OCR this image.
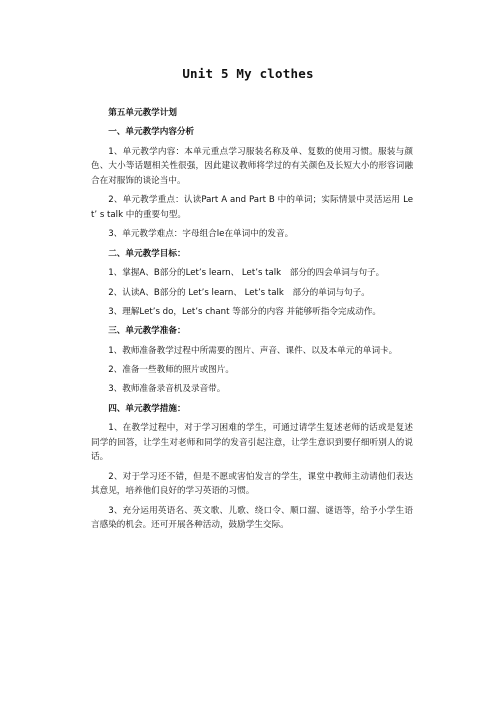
Unit 5 My clothes

第五单元教学计划

一、单元教学内容分析

1、单元教学内容：本单元重点学习服装名称及单、复数的使用习惯。服装与颜色、大小等话题相关性很强，因此建议教师将学过的有关颜色及长短大小的形容词融合在对服饰的谈论当中。

2、单元教学重点：认读Part A and Part B 中的单词；实际情景中灵活运用 Let’ s talk 中的重要句型。

3、单元教学难点：字母组合le在单词中的发音。

二、单元教学目标：

1、掌握A、B部分的Let’s learn、 Let’s talk　部分的四会单词与句子。

2、认读A、B部分的 Let’s learn、 Let’s talk　部分的单词与句子。

3、理解Let’s do，Let’s chant 等部分的内容 并能够听指令完成动作。

三、单元教学准备：

1、教师准备教学过程中所需要的图片、声音、课件、以及本单元的单词卡。

2、准备一些教师的照片或图片。

3、教师准备录音机及录音带。

四、单元教学措施：

1、在教学过程中，对于学习困难的学生，可通过请学生复述老师的话或是复述同学的回答，让学生对老师和同学的发音引起注意，让学生意识到要仔细听别人的说话。

2、对于学习还不错，但是不愿或害怕发言的学生，课堂中教师主动请他们表达其意见，培养他们良好的学习英语的习惯。

3、充分运用英语名、英文歌、儿歌、绕口令、顺口溜、谜语等，给予小学生语言感染的机会。还可开展各种活动，鼓励学生交际。
